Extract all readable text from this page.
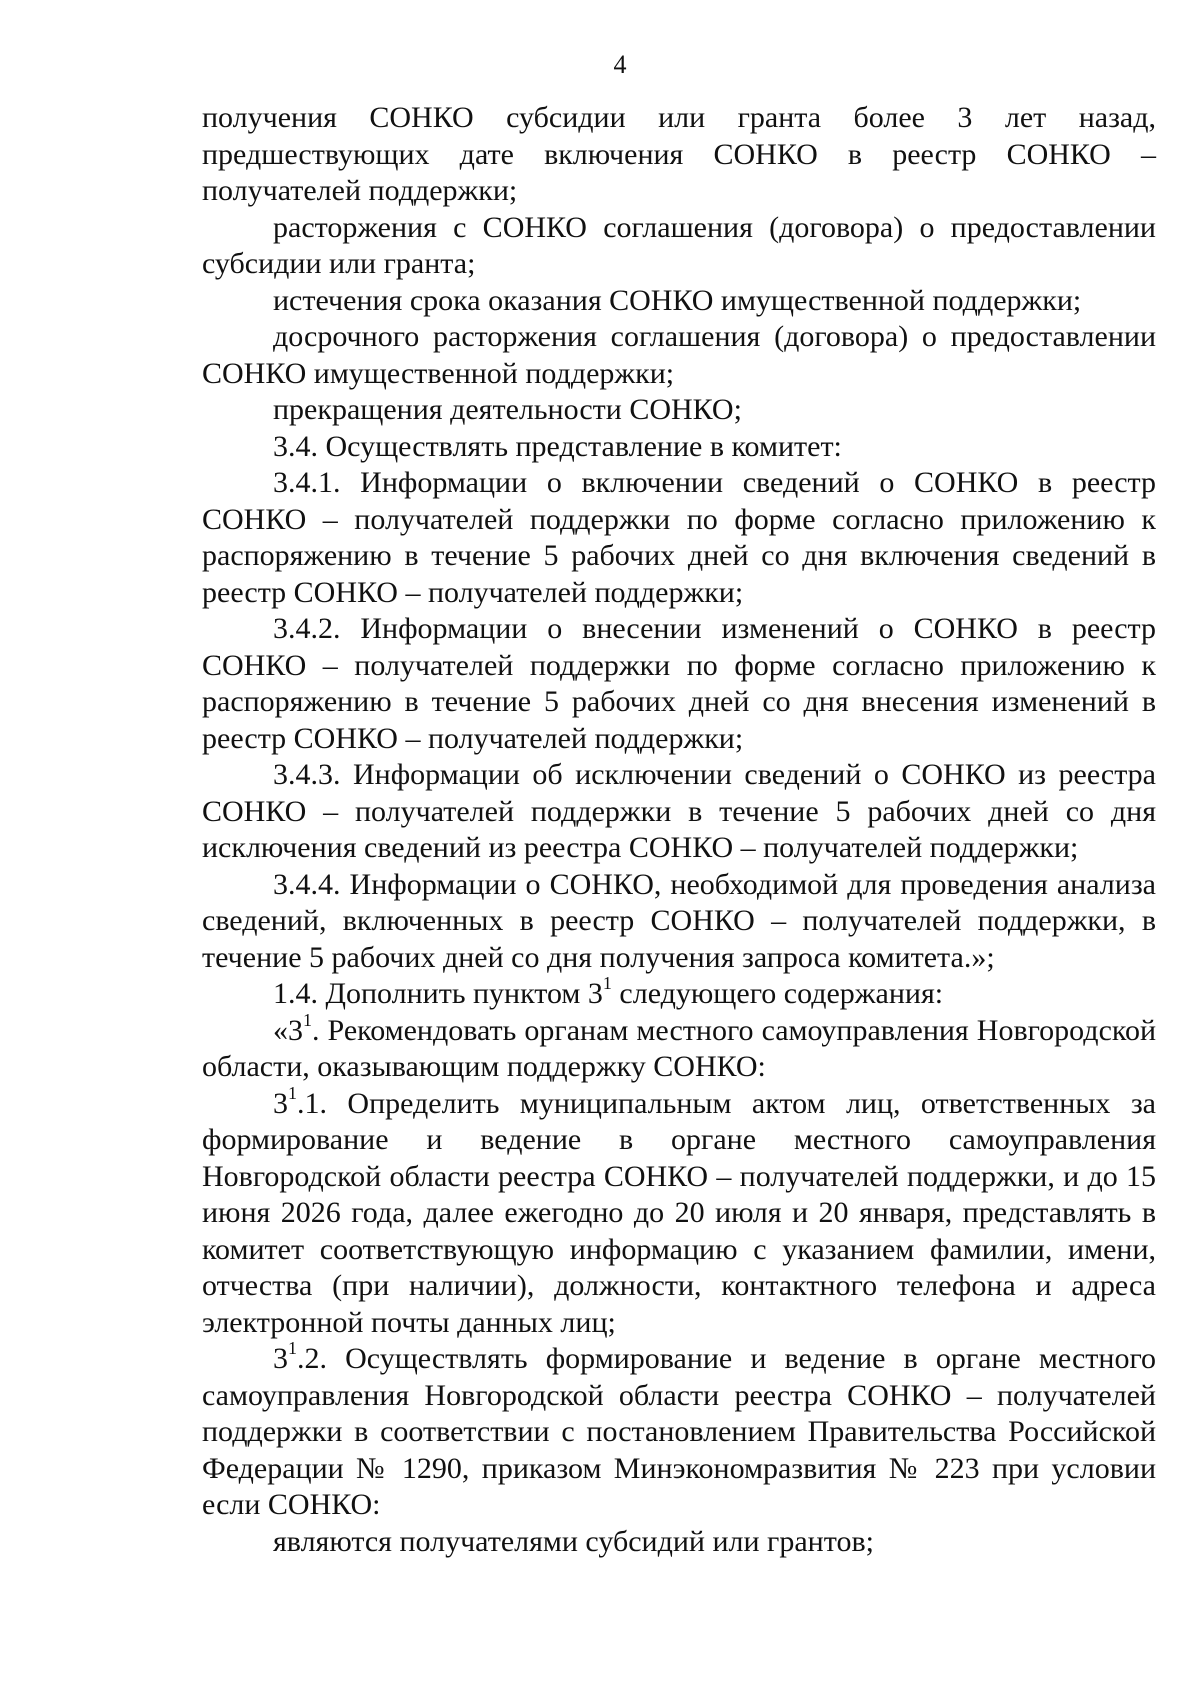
4

получения СОНКО субсидии или гранта более 3 лет назад, предшествующих дате включения СОНКО в реестр СОНКО – получателей поддержки;

расторжения с СОНКО соглашения (договора) о предоставлении субсидии или гранта;

истечения срока оказания СОНКО имущественной поддержки;

досрочного расторжения соглашения (договора) о предоставлении СОНКО имущественной поддержки;

прекращения деятельности СОНКО;

3.4. Осуществлять представление в комитет:

3.4.1. Информации о включении сведений о СОНКО в реестр СОНКО – получателей поддержки по форме согласно приложению к распоряжению в течение 5 рабочих дней со дня включения сведений в реестр СОНКО – получателей поддержки;

3.4.2. Информации о внесении изменений о СОНКО в реестр СОНКО – получателей поддержки по форме согласно приложению к распоряжению в течение 5 рабочих дней со дня внесения изменений в реестр СОНКО – получателей поддержки;

3.4.3. Информации об исключении сведений о СОНКО из реестра СОНКО – получателей поддержки в течение 5 рабочих дней со дня исключения сведений из реестра СОНКО – получателей поддержки;

3.4.4. Информации о СОНКО, необходимой для проведения анализа сведений, включенных в реестр СОНКО – получателей поддержки, в течение 5 рабочих дней со дня получения запроса комитета.»;

1.4. Дополнить пунктом $3^1$ следующего содержания:

«$3^1$. Рекомендовать органам местного самоуправления Новгородской области, оказывающим поддержку СОНКО:

$3^1.1$. Определить муниципальным актом лиц, ответственных за формирование и ведение в органе местного самоуправления Новгородской области реестра СОНКО – получателей поддержки, и до 15 июня 2026 года, далее ежегодно до 20 июля и 20 января, представлять в комитет соответствующую информацию с указанием фамилии, имени, отчества (при наличии), должности, контактного телефона и адреса электронной почты данных лиц;

$3^1.2$. Осуществлять формирование и ведение в органе местного самоуправления Новгородской области реестра СОНКО – получателей поддержки в соответствии с постановлением Правительства Российской Федерации № 1290, приказом Минэкономразвития № 223 при условии если СОНКО:

являются получателями субсидий или грантов;
